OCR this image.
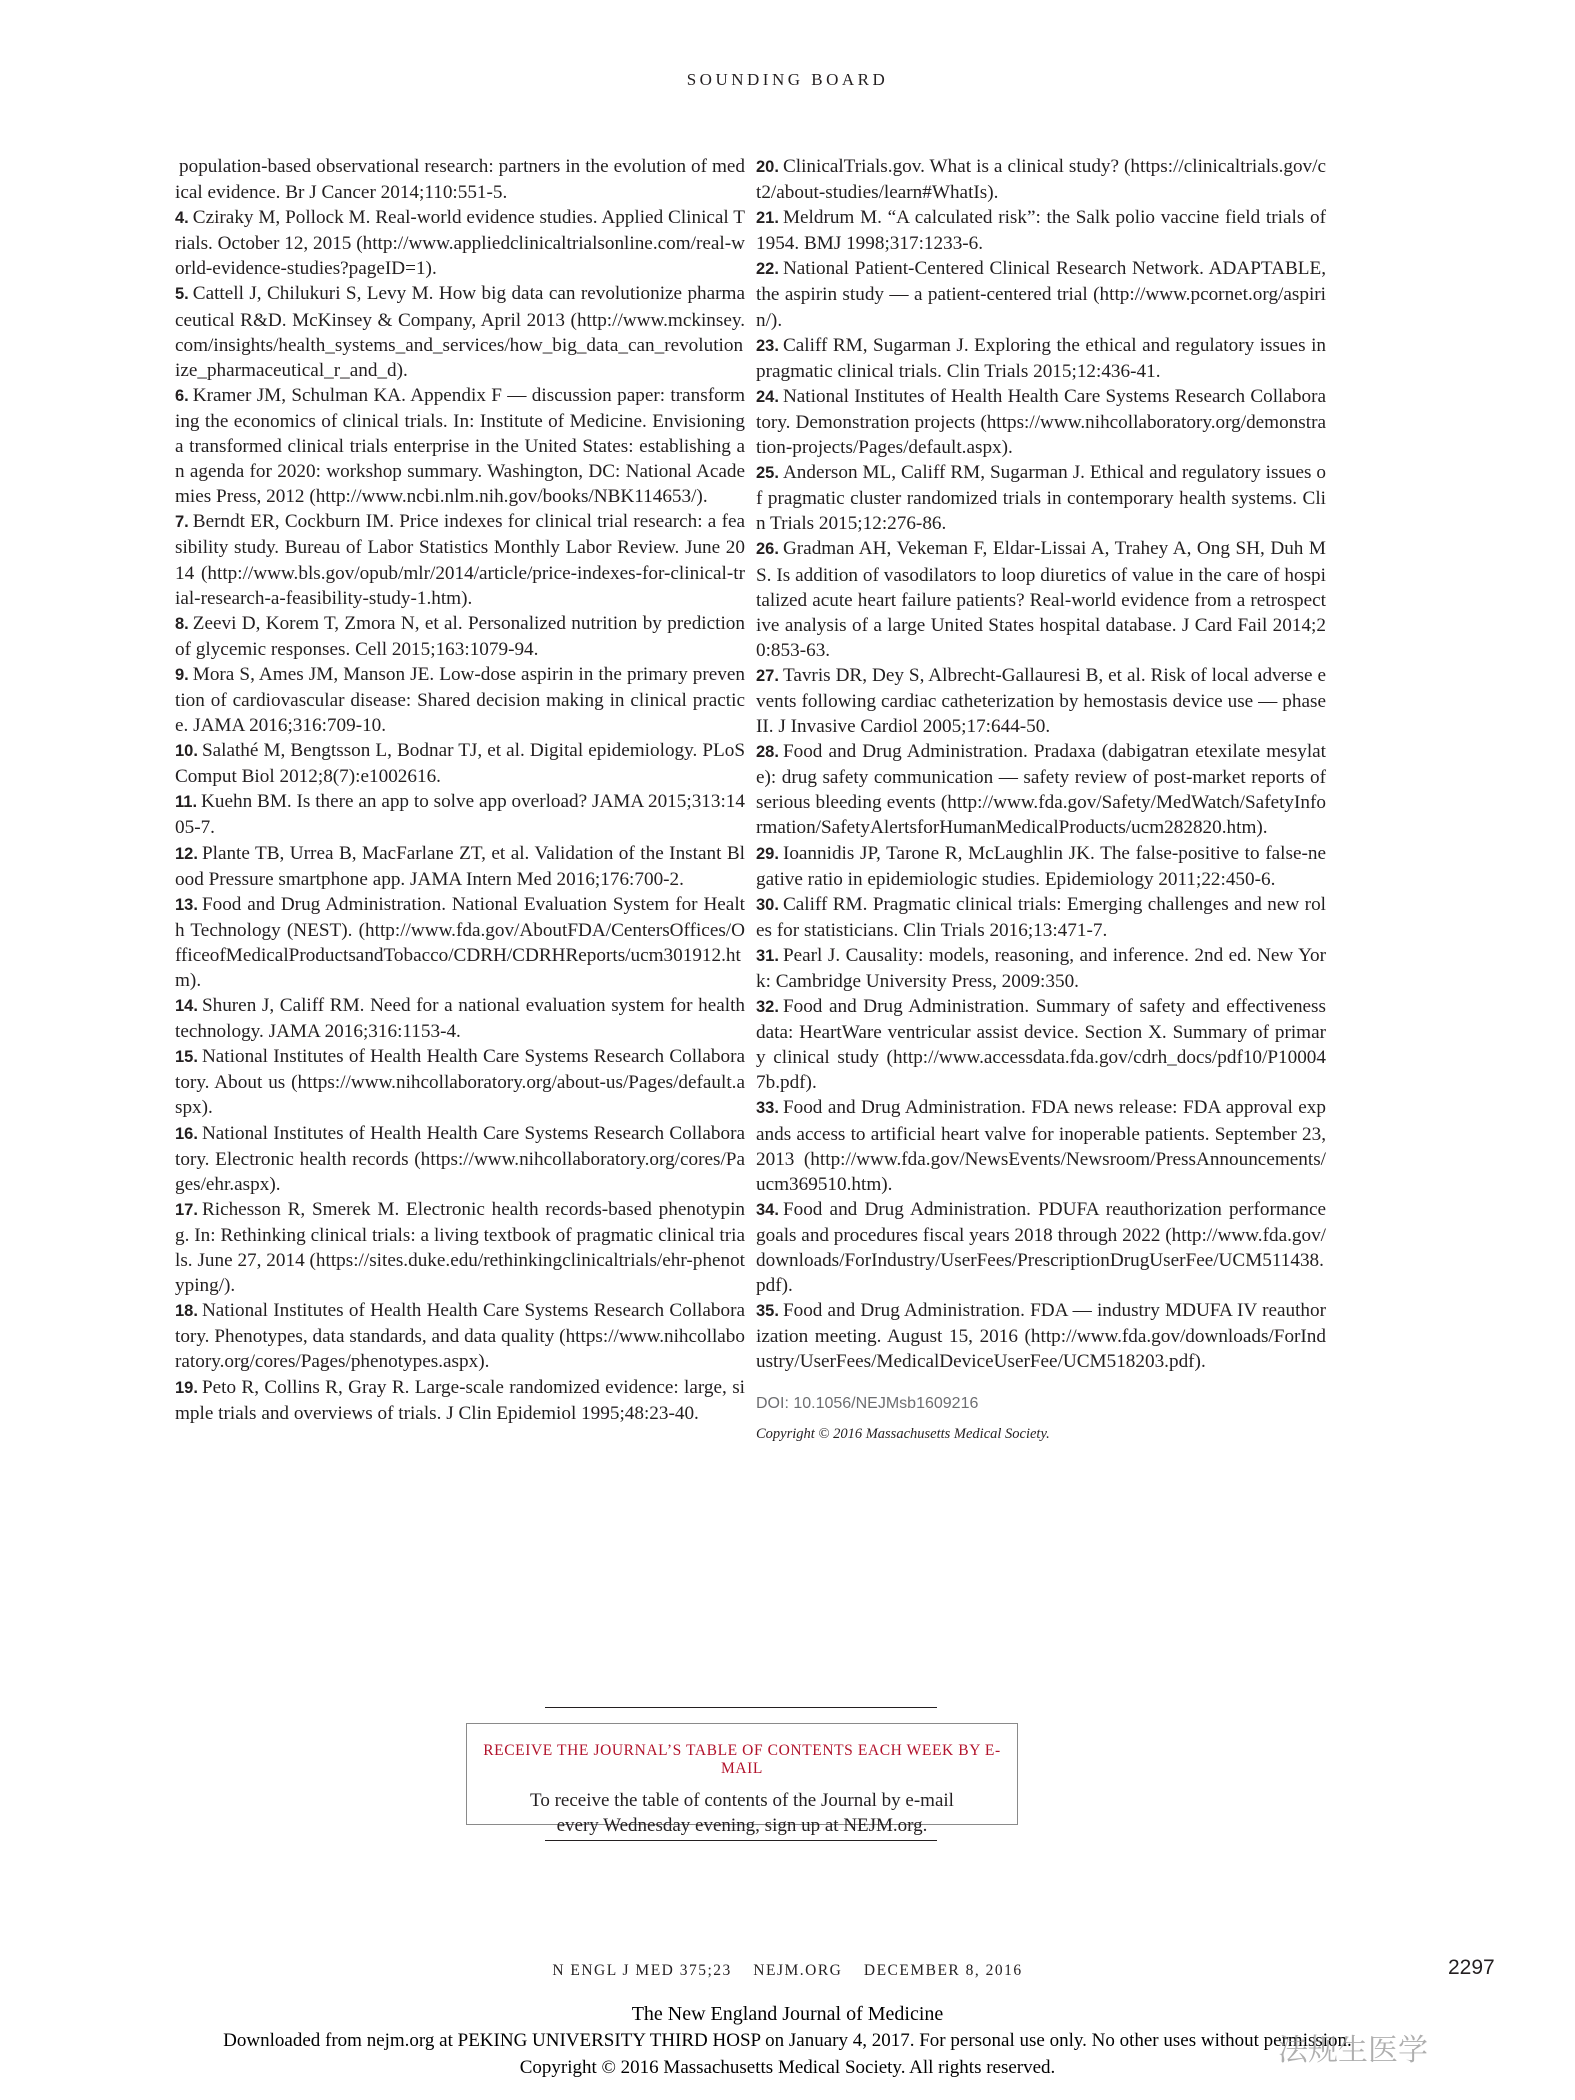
SOUNDING BOARD
population-based observational research: partners in the evolution of medical evidence. Br J Cancer 2014;110:551-5.
4. Cziraky M, Pollock M. Real-world evidence studies. Applied Clinical Trials. October 12, 2015 (http://www.appliedclinicaltrialsonline.com/real-world-evidence-studies?pageID=1).
5. Cattell J, Chilukuri S, Levy M. How big data can revolutionize pharmaceutical R&D. McKinsey & Company, April 2013 (http://www.mckinsey.com/insights/health_systems_and_services/how_big_data_can_revolutionize_pharmaceutical_r_and_d).
6. Kramer JM, Schulman KA. Appendix F — discussion paper: transforming the economics of clinical trials. In: Institute of Medicine. Envisioning a transformed clinical trials enterprise in the United States: establishing an agenda for 2020: workshop summary. Washington, DC: National Academies Press, 2012 (http://www.ncbi.nlm.nih.gov/books/NBK114653/).
7. Berndt ER, Cockburn IM. Price indexes for clinical trial research: a feasibility study. Bureau of Labor Statistics Monthly Labor Review. June 2014 (http://www.bls.gov/opub/mlr/2014/article/price-indexes-for-clinical-trial-research-a-feasibility-study-1.htm).
8. Zeevi D, Korem T, Zmora N, et al. Personalized nutrition by prediction of glycemic responses. Cell 2015;163:1079-94.
9. Mora S, Ames JM, Manson JE. Low-dose aspirin in the primary prevention of cardiovascular disease: Shared decision making in clinical practice. JAMA 2016;316:709-10.
10. Salathé M, Bengtsson L, Bodnar TJ, et al. Digital epidemiology. PLoS Comput Biol 2012;8(7):e1002616.
11. Kuehn BM. Is there an app to solve app overload? JAMA 2015;313:1405-7.
12. Plante TB, Urrea B, MacFarlane ZT, et al. Validation of the Instant Blood Pressure smartphone app. JAMA Intern Med 2016;176:700-2.
13. Food and Drug Administration. National Evaluation System for Health Technology (NEST). (http://www.fda.gov/AboutFDA/CentersOffices/OfficeofMedicalProductsandTobacco/CDRH/CDRHReports/ucm301912.htm).
14. Shuren J, Califf RM. Need for a national evaluation system for health technology. JAMA 2016;316:1153-4.
15. National Institutes of Health Health Care Systems Research Collaboratory. About us (https://www.nihcollaboratory.org/about-us/Pages/default.aspx).
16. National Institutes of Health Health Care Systems Research Collaboratory. Electronic health records (https://www.nihcollaboratory.org/cores/Pages/ehr.aspx).
17. Richesson R, Smerek M. Electronic health records-based phenotyping. In: Rethinking clinical trials: a living textbook of pragmatic clinical trials. June 27, 2014 (https://sites.duke.edu/rethinkingclinicaltrials/ehr-phenotyping/).
18. National Institutes of Health Health Care Systems Research Collaboratory. Phenotypes, data standards, and data quality (https://www.nihcollaboratory.org/cores/Pages/phenotypes.aspx).
19. Peto R, Collins R, Gray R. Large-scale randomized evidence: large, simple trials and overviews of trials. J Clin Epidemiol 1995;48:23-40.
20. ClinicalTrials.gov. What is a clinical study? (https://clinicaltrials.gov/ct2/about-studies/learn#WhatIs).
21. Meldrum M. “A calculated risk”: the Salk polio vaccine field trials of 1954. BMJ 1998;317:1233-6.
22. National Patient-Centered Clinical Research Network. ADAPTABLE, the aspirin study — a patient-centered trial (http://www.pcornet.org/aspirin/).
23. Califf RM, Sugarman J. Exploring the ethical and regulatory issues in pragmatic clinical trials. Clin Trials 2015;12:436-41.
24. National Institutes of Health Health Care Systems Research Collaboratory. Demonstration projects (https://www.nihcollaboratory.org/demonstration-projects/Pages/default.aspx).
25. Anderson ML, Califf RM, Sugarman J. Ethical and regulatory issues of pragmatic cluster randomized trials in contemporary health systems. Clin Trials 2015;12:276-86.
26. Gradman AH, Vekeman F, Eldar-Lissai A, Trahey A, Ong SH, Duh MS. Is addition of vasodilators to loop diuretics of value in the care of hospitalized acute heart failure patients? Real-world evidence from a retrospective analysis of a large United States hospital database. J Card Fail 2014;20:853-63.
27. Tavris DR, Dey S, Albrecht-Gallauresi B, et al. Risk of local adverse events following cardiac catheterization by hemostasis device use — phase II. J Invasive Cardiol 2005;17:644-50.
28. Food and Drug Administration. Pradaxa (dabigatran etexilate mesylate): drug safety communication — safety review of post-market reports of serious bleeding events (http://www.fda.gov/Safety/MedWatch/SafetyInformation/SafetyAlertsforHumanMedicalProducts/ucm282820.htm).
29. Ioannidis JP, Tarone R, McLaughlin JK. The false-positive to false-negative ratio in epidemiologic studies. Epidemiology 2011;22:450-6.
30. Califf RM. Pragmatic clinical trials: Emerging challenges and new roles for statisticians. Clin Trials 2016;13:471-7.
31. Pearl J. Causality: models, reasoning, and inference. 2nd ed. New York: Cambridge University Press, 2009:350.
32. Food and Drug Administration. Summary of safety and effectiveness data: HeartWare ventricular assist device. Section X. Summary of primary clinical study (http://www.accessdata.fda.gov/cdrh_docs/pdf10/P100047b.pdf).
33. Food and Drug Administration. FDA news release: FDA approval expands access to artificial heart valve for inoperable patients. September 23, 2013 (http://www.fda.gov/NewsEvents/Newsroom/PressAnnouncements/ucm369510.htm).
34. Food and Drug Administration. PDUFA reauthorization performance goals and procedures fiscal years 2018 through 2022 (http://www.fda.gov/downloads/ForIndustry/UserFees/PrescriptionDrugUserFee/UCM511438.pdf).
35. Food and Drug Administration. FDA — industry MDUFA IV reauthorization meeting. August 15, 2016 (http://www.fda.gov/downloads/ForIndustry/UserFees/MedicalDeviceUserFee/UCM518203.pdf).
DOI: 10.1056/NEJMsb1609216
Copyright © 2016 Massachusetts Medical Society.
RECEIVE THE JOURNAL’S TABLE OF CONTENTS EACH WEEK BY E-MAIL
To receive the table of contents of the Journal by e-mail
every Wednesday evening, sign up at NEJM.org.
N ENGL J MED 375;23    NEJM.ORG    DECEMBER 8, 2016	2297
The New England Journal of Medicine
Downloaded from nejm.org at PEKING UNIVERSITY THIRD HOSP on January 4, 2017. For personal use only. No other uses without permission.
Copyright © 2016 Massachusetts Medical Society. All rights reserved.	法规生医学
